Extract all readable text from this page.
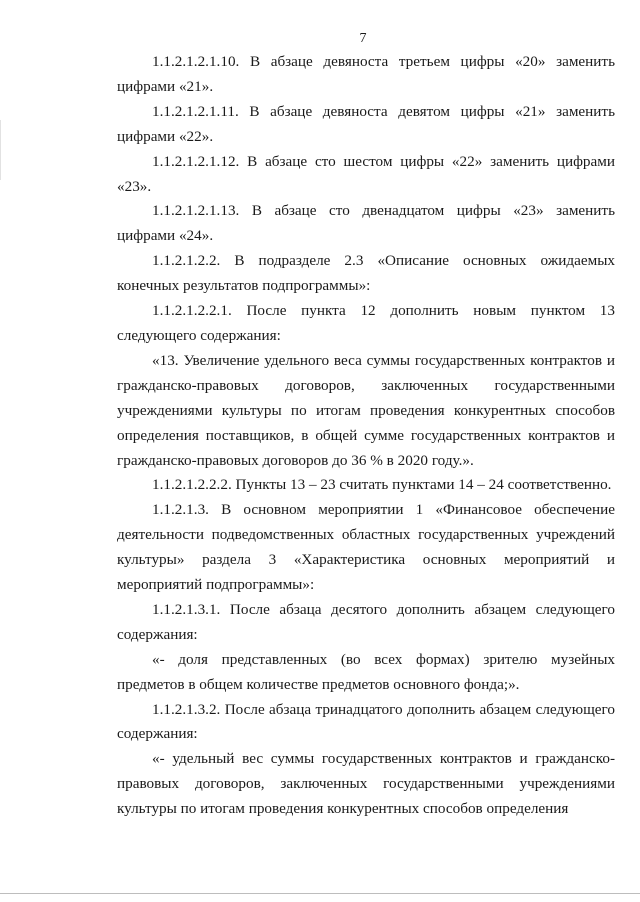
7

1.1.2.1.2.1.10. В абзаце девяноста третьем цифры «20» заменить цифрами «21».

1.1.2.1.2.1.11. В абзаце девяноста девятом цифры «21» заменить цифрами «22».

1.1.2.1.2.1.12. В абзаце сто шестом цифры «22» заменить цифрами «23».

1.1.2.1.2.1.13. В абзаце сто двенадцатом цифры «23» заменить цифрами «24».

1.1.2.1.2.2. В подразделе 2.3 «Описание основных ожидаемых конечных результатов подпрограммы»:

1.1.2.1.2.2.1. После пункта 12 дополнить новым пунктом 13 следующего содержания:

«13. Увеличение удельного веса суммы государственных контрактов и гражданско-правовых договоров, заключенных государственными учреждениями культуры по итогам проведения конкурентных способов определения поставщиков, в общей сумме государственных контрактов и гражданско-правовых договоров до 36 % в 2020 году.».

1.1.2.1.2.2.2. Пункты 13 – 23 считать пунктами 14 – 24 соответственно.

1.1.2.1.3. В основном мероприятии 1 «Финансовое обеспечение деятельности подведомственных областных государственных учреждений культуры» раздела 3 «Характеристика основных мероприятий и мероприятий подпрограммы»:

1.1.2.1.3.1. После абзаца десятого дополнить абзацем следующего содержания:

«- доля представленных (во всех формах) зрителю музейных предметов в общем количестве предметов основного фонда;».

1.1.2.1.3.2. После абзаца тринадцатого дополнить абзацем следующего содержания:

«- удельный вес суммы государственных контрактов и гражданско-правовых договоров, заключенных государственными учреждениями культуры по итогам проведения конкурентных способов определения
